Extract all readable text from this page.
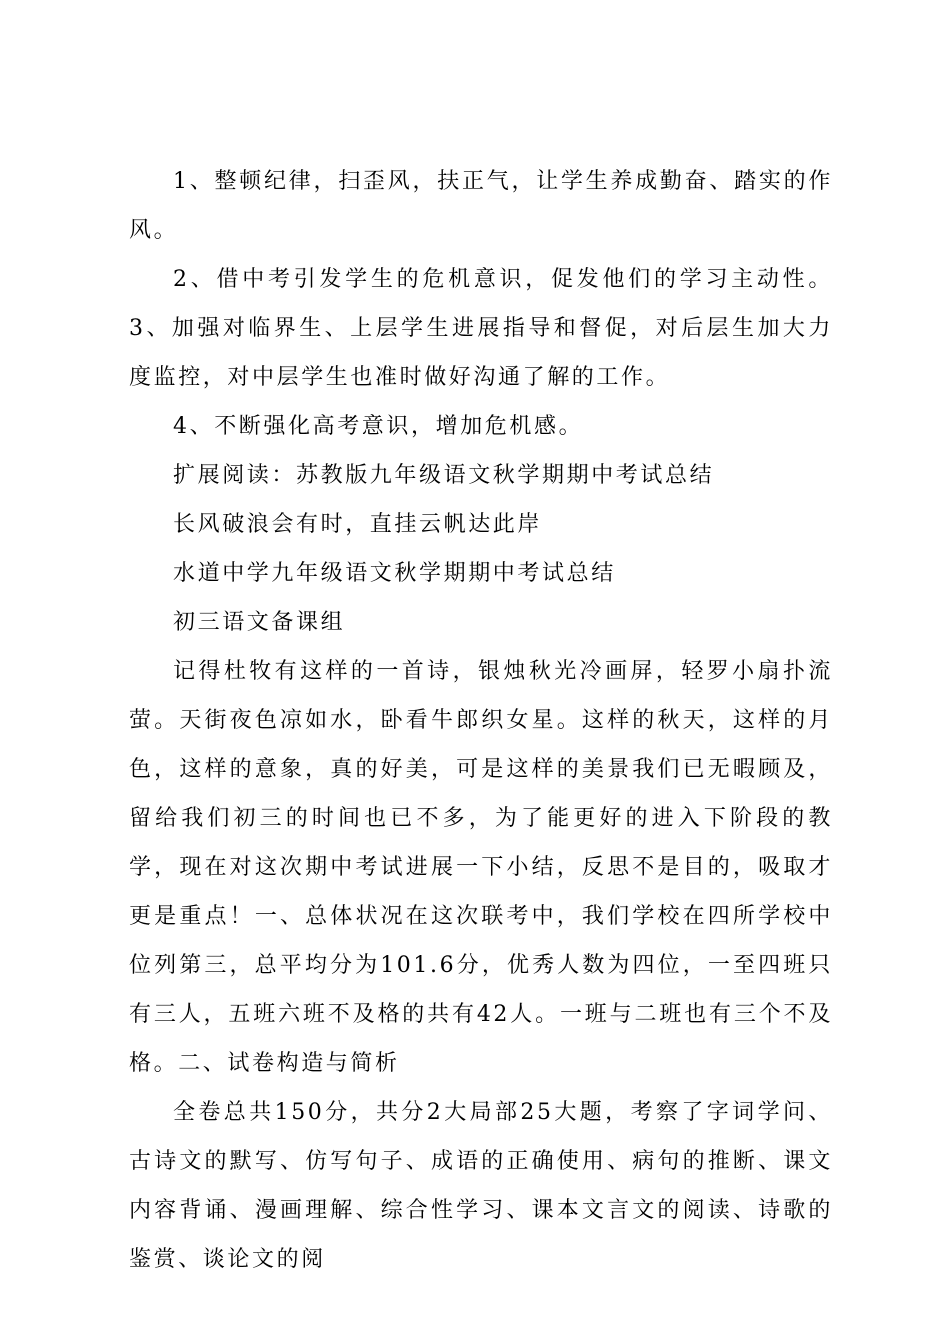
1、整顿纪律，扫歪风，扶正气，让学生养成勤奋、踏实的作风。

2、借中考引发学生的危机意识，促发他们的学习主动性。3、加强对临界生、上层学生进展指导和督促，对后层生加大力度监控，对中层学生也准时做好沟通了解的工作。

4、不断强化高考意识，增加危机感。

扩展阅读：苏教版九年级语文秋学期期中考试总结

长风破浪会有时，直挂云帆达此岸

水道中学九年级语文秋学期期中考试总结

初三语文备课组

记得杜牧有这样的一首诗，银烛秋光冷画屏，轻罗小扇扑流萤。天街夜色凉如水，卧看牛郎织女星。这样的秋天，这样的月色，这样的意象，真的好美，可是这样的美景我们已无暇顾及，留给我们初三的时间也已不多，为了能更好的进入下阶段的教学，现在对这次期中考试进展一下小结，反思不是目的，吸取才更是重点！一、总体状况在这次联考中，我们学校在四所学校中位列第三，总平均分为101.6分，优秀人数为四位，一至四班只有三人，五班六班不及格的共有42人。一班与二班也有三个不及格。二、试卷构造与简析

全卷总共150分，共分2大局部25大题，考察了字词学问、古诗文的默写、仿写句子、成语的正确使用、病句的推断、课文内容背诵、漫画理解、综合性学习、课本文言文的阅读、诗歌的鉴赏、谈论文的阅
